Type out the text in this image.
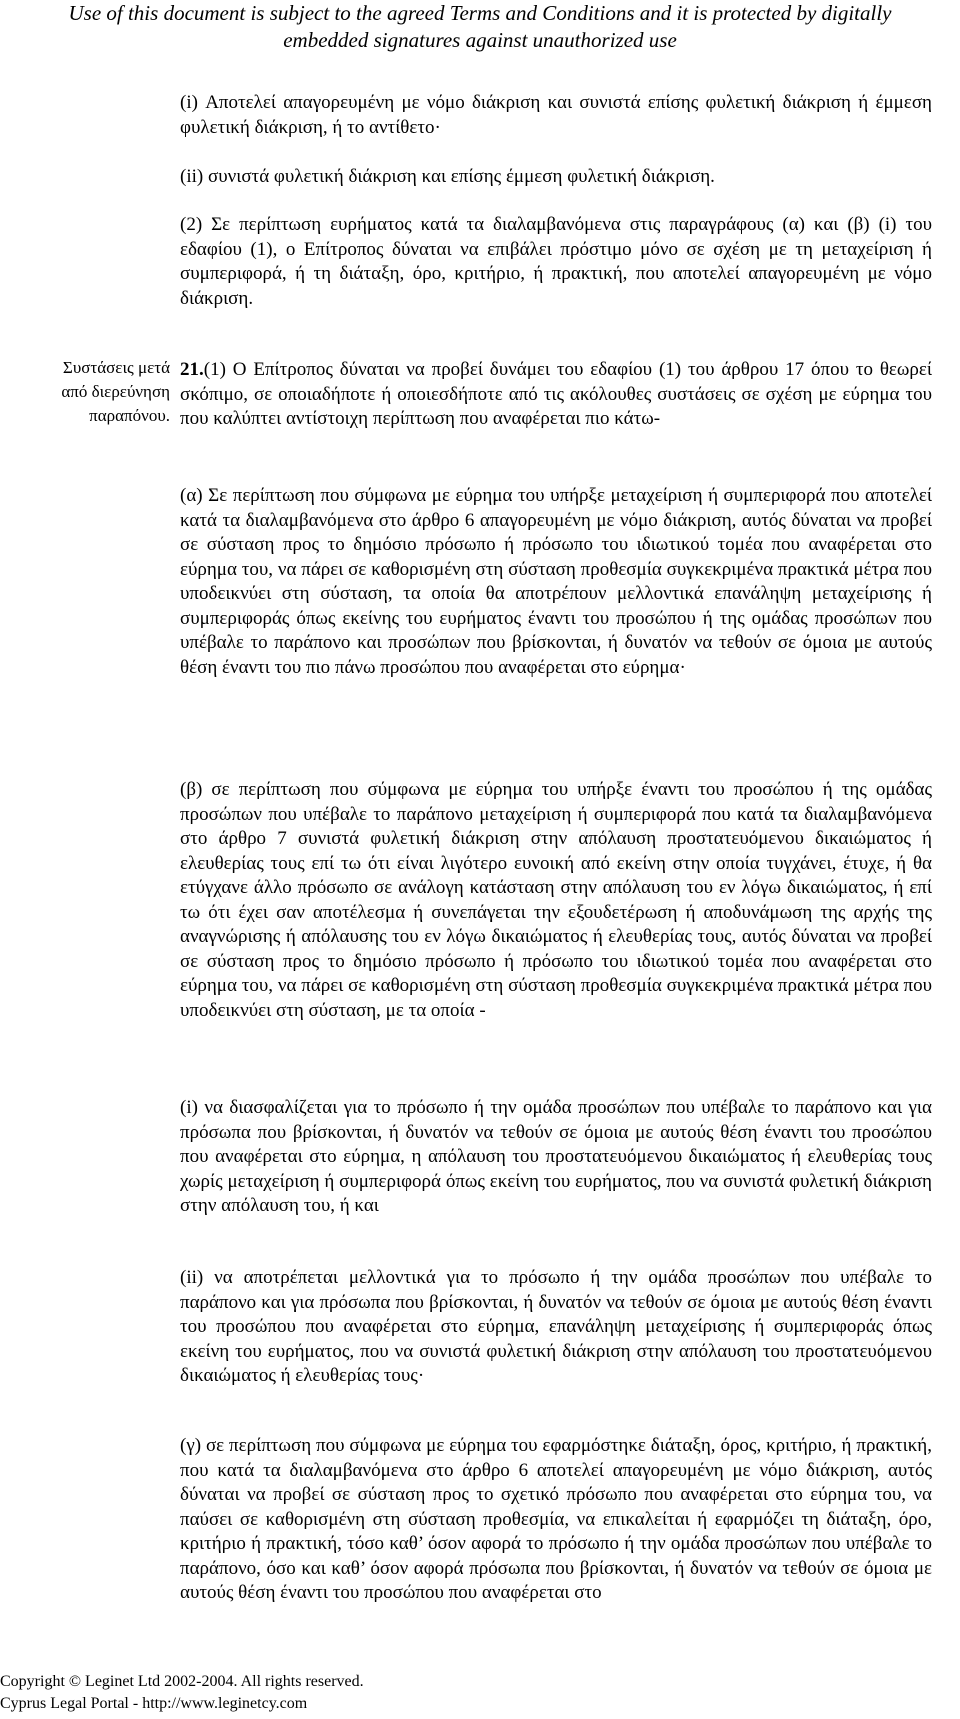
Use of this document is subject to the agreed Terms and Conditions and it is protected by digitally
embedded signatures against unauthorized use

(i) Αποτελεί απαγορευμένη με νόμο διάκριση και συνιστά επίσης φυλετική διάκριση ή έμμεση φυλετική διάκριση, ή το αντίθετο·

(ii) συνιστά φυλετική διάκριση και επίσης έμμεση φυλετική διάκριση.

(2) Σε περίπτωση ευρήματος κατά τα διαλαμβανόμενα στις παραγράφους (α) και (β) (i) του εδαφίου (1), ο Επίτροπος δύναται να επιβάλει πρόστιμο μόνο σε σχέση με τη μεταχείριση ή συμπεριφορά, ή τη διάταξη, όρο, κριτήριο, ή πρακτική, που αποτελεί απαγορευμένη με νόμο διάκριση.

Συστάσεις μετά
από διερεύνηση
παραπόνου.

21.(1) Ο Επίτροπος δύναται να προβεί δυνάμει του εδαφίου (1) του άρθρου 17 όπου το θεωρεί σκόπιμο, σε οποιαδήποτε ή οποιεσδήποτε από τις ακόλουθες συστάσεις σε σχέση με εύρημα του που καλύπτει αντίστοιχη περίπτωση που αναφέρεται πιο κάτω-

(α) Σε περίπτωση που σύμφωνα με εύρημα του υπήρξε μεταχείριση ή συμπεριφορά που αποτελεί κατά τα διαλαμβανόμενα στο άρθρο 6 απαγορευμένη με νόμο διάκριση, αυτός δύναται να προβεί σε σύσταση προς το δημόσιο πρόσωπο ή πρόσωπο του ιδιωτικού τομέα που αναφέρεται στο εύρημα του, να πάρει σε καθορισμένη στη σύσταση προθεσμία συγκεκριμένα πρακτικά μέτρα που υποδεικνύει στη σύσταση, τα οποία θα αποτρέπουν μελλοντικά επανάληψη μεταχείρισης ή συμπεριφοράς όπως εκείνης του ευρήματος έναντι του προσώπου ή της ομάδας προσώπων που υπέβαλε το παράπονο και προσώπων που βρίσκονται, ή δυνατόν να τεθούν σε όμοια με αυτούς θέση έναντι του πιο πάνω προσώπου που αναφέρεται στο εύρημα·

(β) σε περίπτωση που σύμφωνα με εύρημα του υπήρξε έναντι του προσώπου ή της ομάδας προσώπων που υπέβαλε το παράπονο μεταχείριση ή συμπεριφορά που κατά τα διαλαμβανόμενα στο άρθρο 7 συνιστά φυλετική διάκριση στην απόλαυση προστατευόμενου δικαιώματος ή ελευθερίας τους επί τω ότι είναι λιγότερο ευνοική από εκείνη στην οποία τυγχάνει, έτυχε, ή θα ετύγχανε άλλο πρόσωπο σε ανάλογη κατάσταση στην απόλαυση του εν λόγω δικαιώματος, ή επί τω ότι έχει σαν αποτέλεσμα ή συνεπάγεται την εξουδετέρωση ή αποδυνάμωση της αρχής της αναγνώρισης ή απόλαυσης του εν λόγω δικαιώματος ή ελευθερίας τους, αυτός δύναται να προβεί σε σύσταση προς το δημόσιο πρόσωπο ή πρόσωπο του ιδιωτικού τομέα που αναφέρεται στο εύρημα του, να πάρει σε καθορισμένη στη σύσταση προθεσμία συγκεκριμένα πρακτικά μέτρα που υποδεικνύει στη σύσταση, με τα οποία -

(i) να διασφαλίζεται για το πρόσωπο ή την ομάδα προσώπων που υπέβαλε το παράπονο και για πρόσωπα που βρίσκονται, ή δυνατόν να τεθούν σε όμοια με αυτούς θέση έναντι του προσώπου που αναφέρεται στο εύρημα, η απόλαυση του προστατευόμενου δικαιώματος ή ελευθερίας τους χωρίς μεταχείριση ή συμπεριφορά όπως εκείνη του ευρήματος, που να συνιστά φυλετική διάκριση στην απόλαυση του, ή και

(ii) να αποτρέπεται μελλοντικά για το πρόσωπο ή την ομάδα προσώπων που υπέβαλε το παράπονο και για πρόσωπα που βρίσκονται, ή δυνατόν να τεθούν σε όμοια με αυτούς θέση έναντι του προσώπου που αναφέρεται στο εύρημα, επανάληψη μεταχείρισης ή συμπεριφοράς όπως εκείνη του ευρήματος, που να συνιστά φυλετική διάκριση στην απόλαυση του προστατευόμενου δικαιώματος ή ελευθερίας τους·

(γ) σε περίπτωση που σύμφωνα με εύρημα του εφαρμόστηκε διάταξη, όρος, κριτήριο, ή πρακτική, που κατά τα διαλαμβανόμενα στο άρθρο 6 αποτελεί απαγορευμένη με νόμο διάκριση, αυτός δύναται να προβεί σε σύσταση προς το σχετικό πρόσωπο που αναφέρεται στο εύρημα του, να παύσει σε καθορισμένη στη σύσταση προθεσμία, να επικαλείται ή εφαρμόζει τη διάταξη, όρο, κριτήριο ή πρακτική, τόσο καθ’ όσον αφορά το πρόσωπο ή την ομάδα προσώπων που υπέβαλε το παράπονο, όσο και καθ’ όσον αφορά πρόσωπα που βρίσκονται, ή δυνατόν να τεθούν σε όμοια με αυτούς θέση έναντι του προσώπου που αναφέρεται στο

Copyright © Leginet Ltd 2002-2004. All rights reserved.
Cyprus Legal Portal - http://www.leginetcy.com
